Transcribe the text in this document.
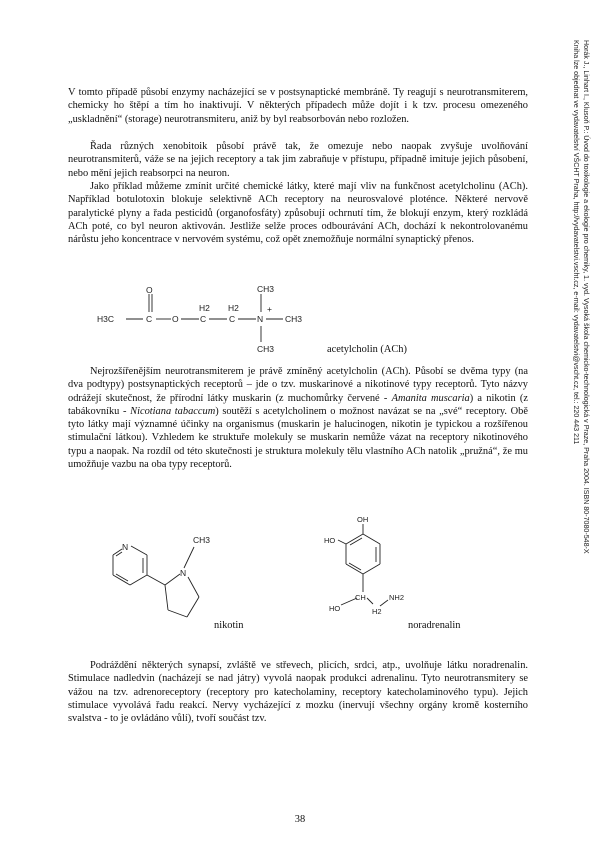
V tomto případě působí enzymy nacházející se v postsynaptické membráně. Ty reagují s neurotransmiterem, chemicky ho štěpí a tím ho inaktivují. V některých případech může dojít i k tzv. procesu omezeného „uskladnění“ (storage) neurotransmiteru, aniž by byl reabsorbován nebo rozložen.

Řada různých xenobitoik působí právě tak, že omezuje nebo naopak zvyšuje uvolňování neurotransmiterů, váže se na jejich receptory a tak jim zabraňuje v přístupu, případně imituje jejich působení, nebo mění jejich reabsorpci na neuron.

Jako příklad můžeme zmínit určité chemické látky, které mají vliv na funkčnost acetylcholinu (ACh). Například botulotoxin blokuje selektivně ACh receptory na neurosvalové ploténce. Některé nervově paralytické plyny a řada pesticidů (organofosfáty) způsobují ochrnutí tím, že blokují enzym, který rozkládá ACh poté, co byl neuron aktivován. Jestliže selže proces odbourávání ACh, dochází k nekontrolovanému nárůstu jeho koncentrace v nervovém systému, což opět znemožňuje normální synaptický přenos.

O
H3C	C O
H2
C
H2
C	N
+
CH3
CH3
CH3	acetylcholin (ACh)

Nejrozšířenějším neurotransmiterem je právě zmíněný acetylcholin (ACh). Působí se dvěma typy (na dva podtypy) postsynaptických receptorů – jde o tzv. muskarinové a nikotinové typy receptorů. Tyto názvy odrážejí skutečnost, že přírodní látky muskarin (z muchomůrky červené - Amanita muscaria) a nikotin (z tabákovníku - Nicotiana tabaccum) soutěží s acetylcholinem o možnost navázat se na „své“ receptory. Obě tyto látky mají významné účinky na organismus (muskarin je halucinogen, nikotin je typickou a rozšířenou stimulační látkou). Vzhledem ke struktuře molekuly se muskarin nemůže vázat na receptory nikotinového typu a naopak. Na rozdíl od této skutečnosti je struktura molekuly tělu vlastního ACh natolik „pružná“, že mu umožňuje vazbu na oba typy receptorů.

N
N
CH3
nikotin
OH
HO
CH
HO
NH2
H2
noradrenalin

Podráždění některých synapsí, zvláště ve střevech, plicích, srdci, atp., uvolňuje látku noradrenalin. Stimulace nadledvin (nacházejí se nad játry) vyvolá naopak produkci adrenalinu. Tyto neurotransmitery se vážou na tzv. adrenoreceptory (receptory pro katecholaminy, receptory katecholaminového typu). Jejich stimulace vyvolává řadu reakcí. Nervy vycházející z mozku (inervují všechny orgány kromě kosterního svalstva - to je ovládáno vůlí), tvoří součást tzv.

Horák J., Linhart I., Klusoň P.: Úvod do toxikologie a ekologie pro chemiky, 1. vyd. Vysoká škola chemicko-technologická v Praze, Praha 2004. ISBN 80-7080-548-X
Kniha lze objednat ve vydavatelství VŠCHT Praha, http://vydavatelstvi.vscht.cz, e-mail: vydavatelstvi@vscht.cz, tel.: 220 443 211
38
